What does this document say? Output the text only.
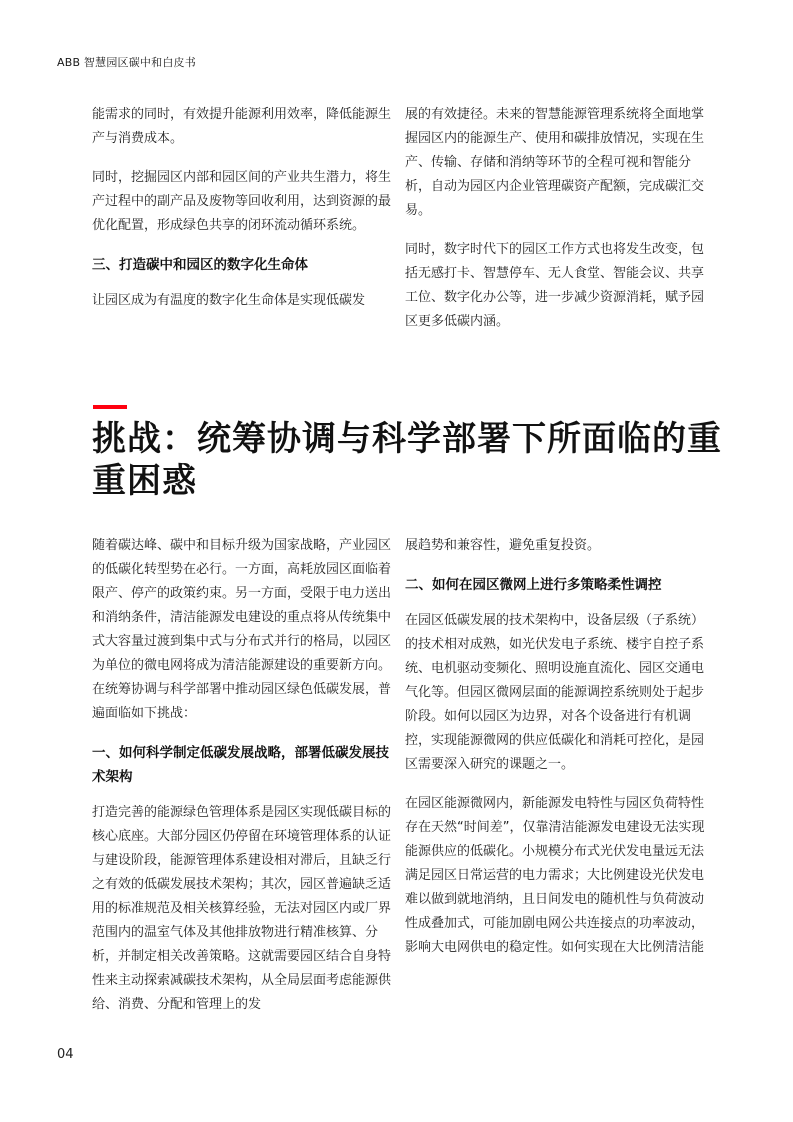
ABB 智慧园区碳中和白皮书

能需求的同时，有效提升能源利用效率，降低能源生产与消费成本。

同时，挖掘园区内部和园区间的产业共生潜力，将生产过程中的副产品及废物等回收利用，达到资源的最优化配置，形成绿色共享的闭环流动循环系统。

三、打造碳中和园区的数字化生命体

让园区成为有温度的数字化生命体是实现低碳发

展的有效捷径。未来的智慧能源管理系统将全面地掌握园区内的能源生产、使用和碳排放情况，实现在生产、传输、存储和消纳等环节的全程可视和智能分析，自动为园区内企业管理碳资产配额，完成碳汇交易。

同时，数字时代下的园区工作方式也将发生改变，包括无感打卡、智慧停车、无人食堂、智能会议、共享工位、数字化办公等，进一步减少资源消耗，赋予园区更多低碳内涵。

挑战：统筹协调与科学部署下所面临的重重困惑

随着碳达峰、碳中和目标升级为国家战略，产业园区的低碳化转型势在必行。一方面，高耗放园区面临着限产、停产的政策约束。另一方面，受限于电力送出和消纳条件，清洁能源发电建设的重点将从传统集中式大容量过渡到集中式与分布式并行的格局，以园区为单位的微电网将成为清洁能源建设的重要新方向。在统筹协调与科学部署中推动园区绿色低碳发展，普遍面临如下挑战：

一、如何科学制定低碳发展战略，部署低碳发展技术架构

打造完善的能源绿色管理体系是园区实现低碳目标的核心底座。大部分园区仍停留在环境管理体系的认证与建设阶段，能源管理体系建设相对滞后，且缺乏行之有效的低碳发展技术架构；其次，园区普遍缺乏适用的标准规范及相关核算经验，无法对园区内或厂界范围内的温室气体及其他排放物进行精准核算、分析，并制定相关改善策略。这就需要园区结合自身特性来主动探索减碳技术架构，从全局层面考虑能源供给、消费、分配和管理上的发

展趋势和兼容性，避免重复投资。

二、如何在园区微网上进行多策略柔性调控

在园区低碳发展的技术架构中，设备层级（子系统）的技术相对成熟，如光伏发电子系统、楼宇自控子系统、电机驱动变频化、照明设施直流化、园区交通电气化等。但园区微网层面的能源调控系统则处于起步阶段。如何以园区为边界，对各个设备进行有机调控，实现能源微网的供应低碳化和消耗可控化，是园区需要深入研究的课题之一。

在园区能源微网内，新能源发电特性与园区负荷特性存在天然“时间差”，仅靠清洁能源发电建设无法实现能源供应的低碳化。小规模分布式光伏发电量远无法满足园区日常运营的电力需求；大比例建设光伏发电难以做到就地消纳，且日间发电的随机性与负荷波动性成叠加式，可能加剧电网公共连接点的功率波动，影响大电网供电的稳定性。如何实现在大比例清洁能

04
